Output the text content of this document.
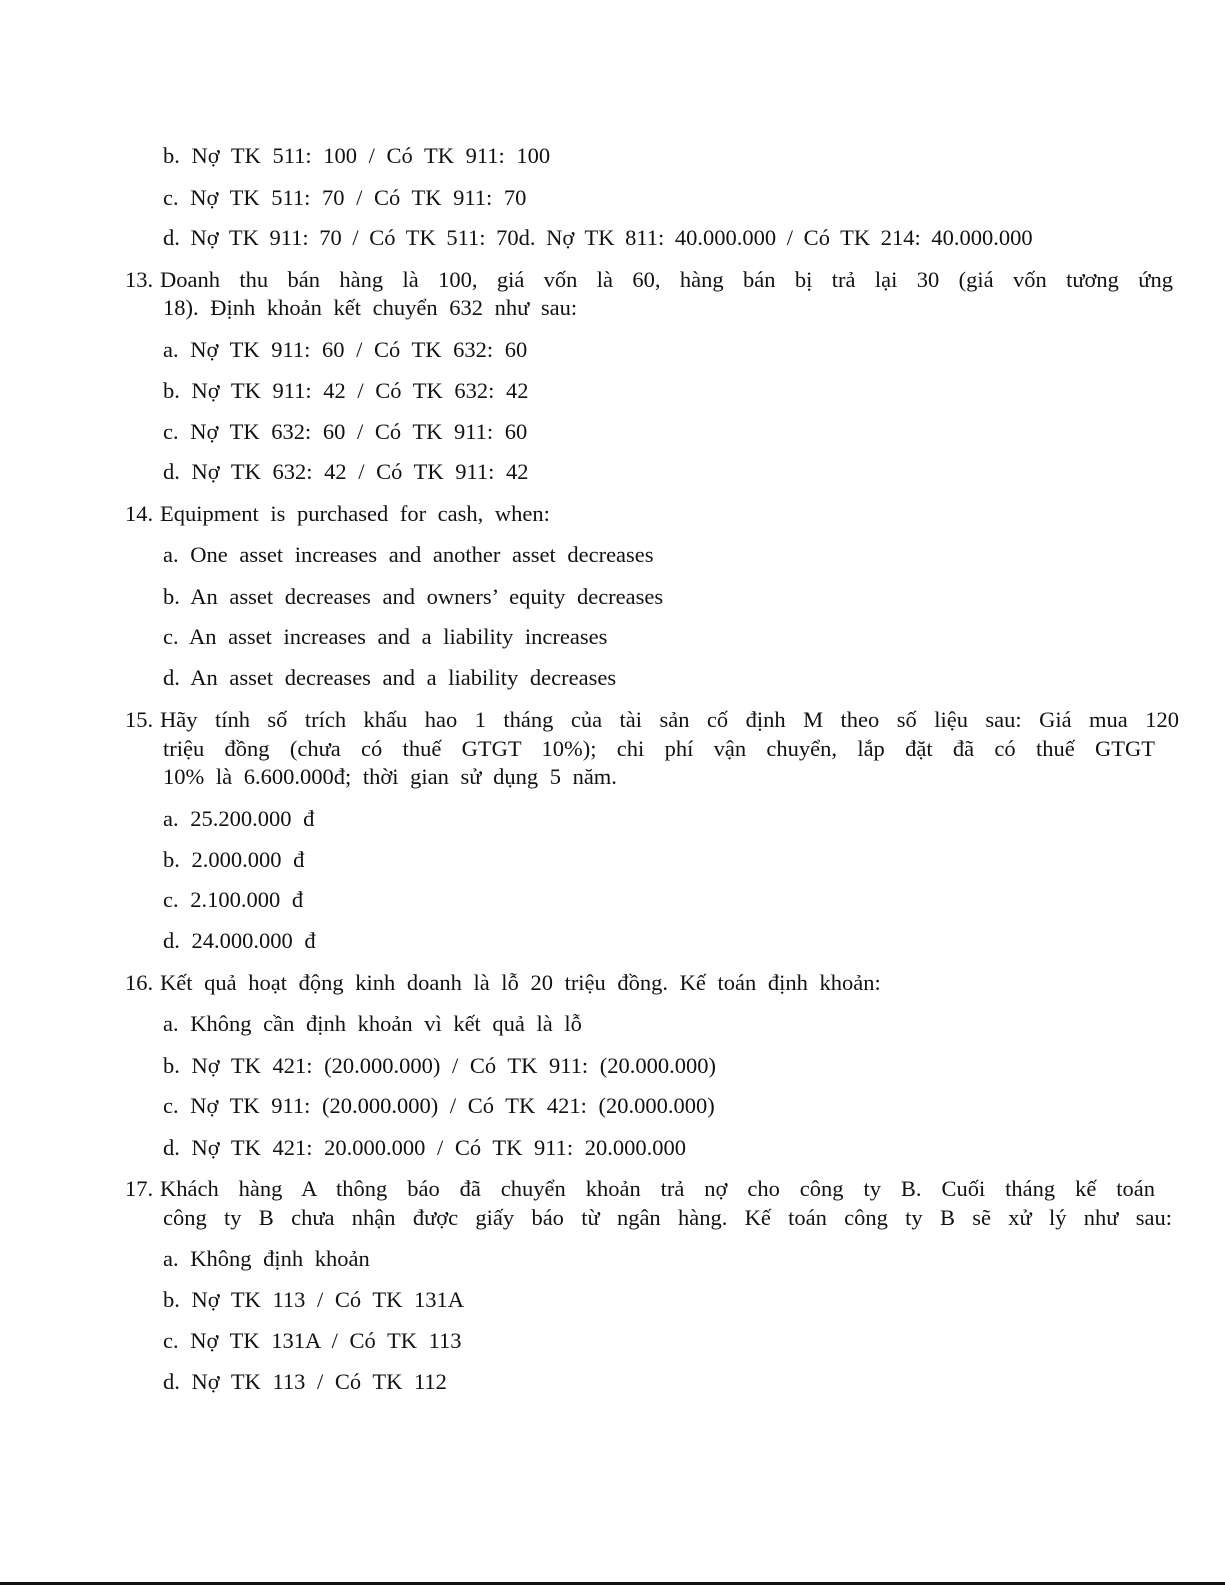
b. Nợ TK 511: 100 / Có TK 911: 100
c. Nợ TK 511: 70 / Có TK 911: 70
d. Nợ TK 911: 70 / Có TK 511: 70d. Nợ TK 811: 40.000.000 / Có TK 214: 40.000.000
13. Doanh thu bán hàng là 100, giá vốn là 60, hàng bán bị trả lại 30 (giá vốn tương ứng
18). Định khoản kết chuyển 632 như sau:
a. Nợ TK 911: 60 / Có TK 632: 60
b. Nợ TK 911: 42 / Có TK 632: 42
c. Nợ TK 632: 60 / Có TK 911: 60
d. Nợ TK 632: 42 / Có TK 911: 42
14. Equipment is purchased for cash, when:
a. One asset increases and another asset decreases
b. An asset decreases and owners’ equity decreases
c. An asset increases and a liability increases
d. An asset decreases and a liability decreases
15. Hãy tính số trích khấu hao 1 tháng của tài sản cố định M theo số liệu sau: Giá mua 120
triệu đồng (chưa có thuế GTGT 10%); chi phí vận chuyển, lắp đặt đã có thuế GTGT
10% là 6.600.000đ; thời gian sử dụng 5 năm.
a. 25.200.000 đ
b. 2.000.000 đ
c. 2.100.000 đ
d. 24.000.000 đ
16. Kết quả hoạt động kinh doanh là lỗ 20 triệu đồng. Kế toán định khoản:
a. Không cần định khoản vì kết quả là lỗ
b. Nợ TK 421: (20.000.000) / Có TK 911: (20.000.000)
c. Nợ TK 911: (20.000.000) / Có TK 421: (20.000.000)
d. Nợ TK 421: 20.000.000 / Có TK 911: 20.000.000
17. Khách hàng A thông báo đã chuyển khoản trả nợ cho công ty B. Cuối tháng kế toán
công ty B chưa nhận được giấy báo từ ngân hàng. Kế toán công ty B sẽ xử lý như sau:
a. Không định khoản
b. Nợ TK 113 / Có TK 131A
c. Nợ TK 131A / Có TK 113
d. Nợ TK 113 / Có TK 112
